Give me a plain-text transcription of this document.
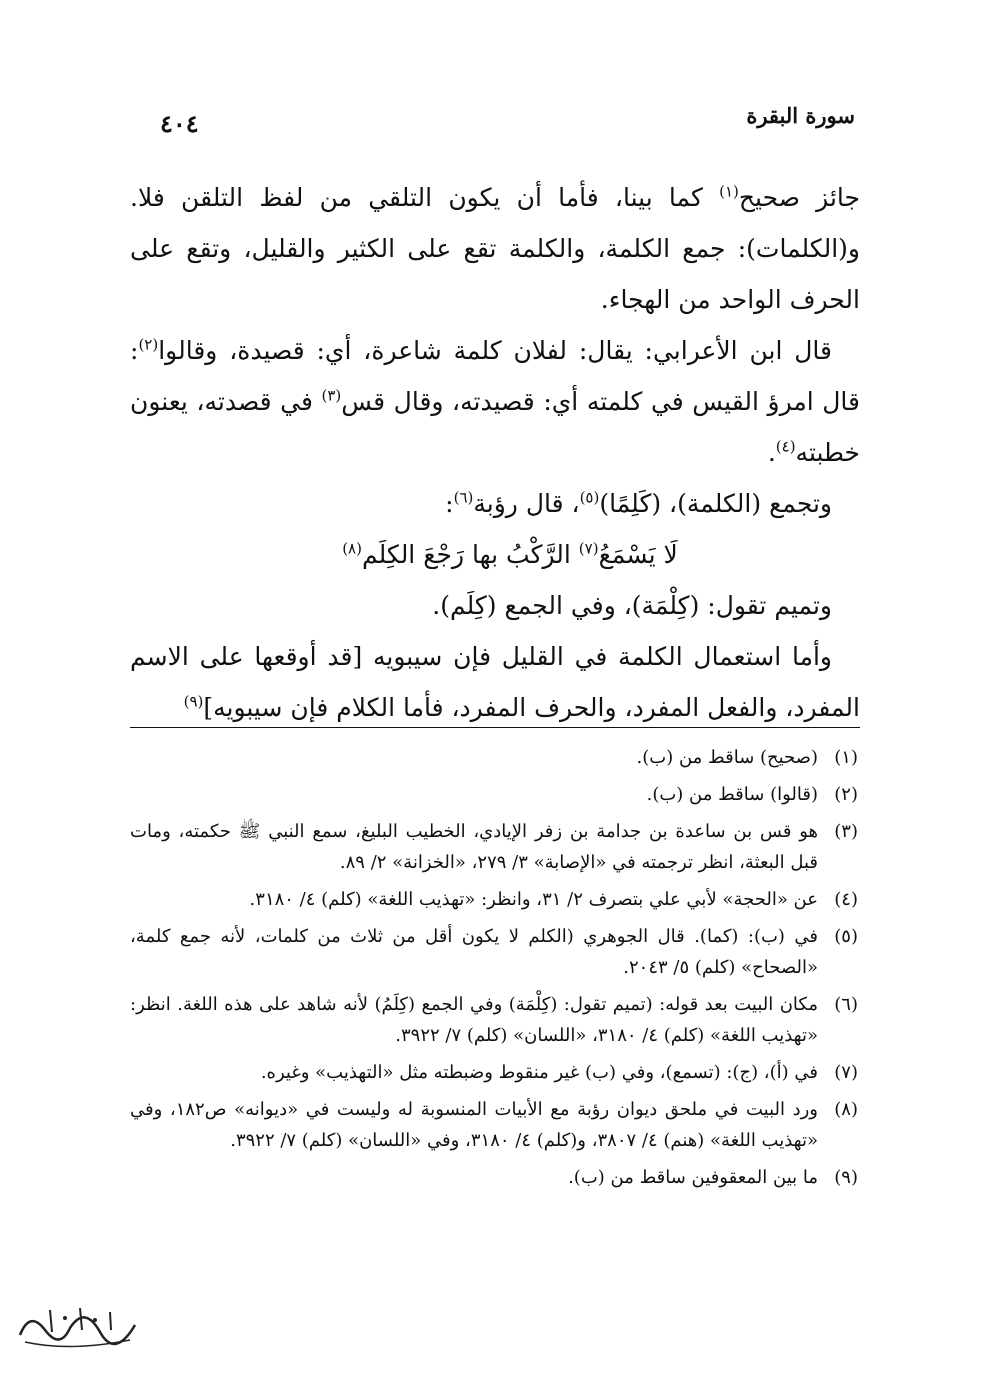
سورة البقرة
٤٠٤

جائز صحيح$^{(١)}$ كما بينا، فأما أن يكون التلقي من لفظ التلقن فلا. و(الكلمات): جمع الكلمة، والكلمة تقع على الكثير والقليل، وتقع على الحرف الواحد من الهجاء.

قال ابن الأعرابي: يقال: لفلان كلمة شاعرة، أي: قصيدة، وقالوا$^{(٢)}$: قال امرؤ القيس في كلمته أي: قصيدته، وقال قس$^{(٣)}$ في قصدته، يعنون خطبته$^{(٤)}$.

وتجمع (الكلمة)، (كَلِمًا)$^{(٥)}$، قال رؤبة$^{(٦)}$:

لَا يَسْمَعُ$^{(٧)}$ الرَّكْبُ بها رَجْعَ الكِلَم$^{(٨)}$

وتميم تقول: (كِلْمَة)، وفي الجمع (كِلَم).

وأما استعمال الكلمة في القليل فإن سيبويه [قد أوقعها على الاسم المفرد، والفعل المفرد، والحرف المفرد، فأما الكلام فإن سيبويه]$^{(٩)}$

(١)
(صحيح) ساقط من (ب).
(٢)
(قالوا) ساقط من (ب).
(٣)
هو قس بن ساعدة بن جدامة بن زفر الإيادي، الخطيب البليغ، سمع النبي ﷺ حكمته، ومات قبل البعثة، انظر ترجمته في «الإصابة» ٣/ ٢٧٩، «الخزانة» ٢/ ٨٩.
(٤)
عن «الحجة» لأبي علي بتصرف ٢/ ٣١، وانظر: «تهذيب اللغة» (كلم) ٤/ ٣١٨٠.
(٥)
في (ب): (كما). قال الجوهري (الكلم لا يكون أقل من ثلاث من كلمات، لأنه جمع كلمة، «الصحاح» (كلم) ٥/ ٢٠٤٣.
(٦)
مكان البيت بعد قوله: (تميم تقول: (كِلْمَة) وفي الجمع (كِلَمُ) لأنه شاهد على هذه اللغة. انظر: «تهذيب اللغة» (كلم) ٤/ ٣١٨٠، «اللسان» (كلم) ٧/ ٣٩٢٢.
(٧)
في (أ)، (ج): (تسمع)، وفي (ب) غير منقوط وضبطته مثل «التهذيب» وغيره.
(٨)
ورد البيت في ملحق ديوان رؤبة مع الأبيات المنسوبة له وليست في «ديوانه» ص١٨٢، وفي «تهذيب اللغة» (هنم) ٤/ ٣٨٠٧، و(كلم) ٤/ ٣١٨٠، وفي «اللسان» (كلم) ٧/ ٣٩٢٢.
(٩)
ما بين المعقوفين ساقط من (ب).
